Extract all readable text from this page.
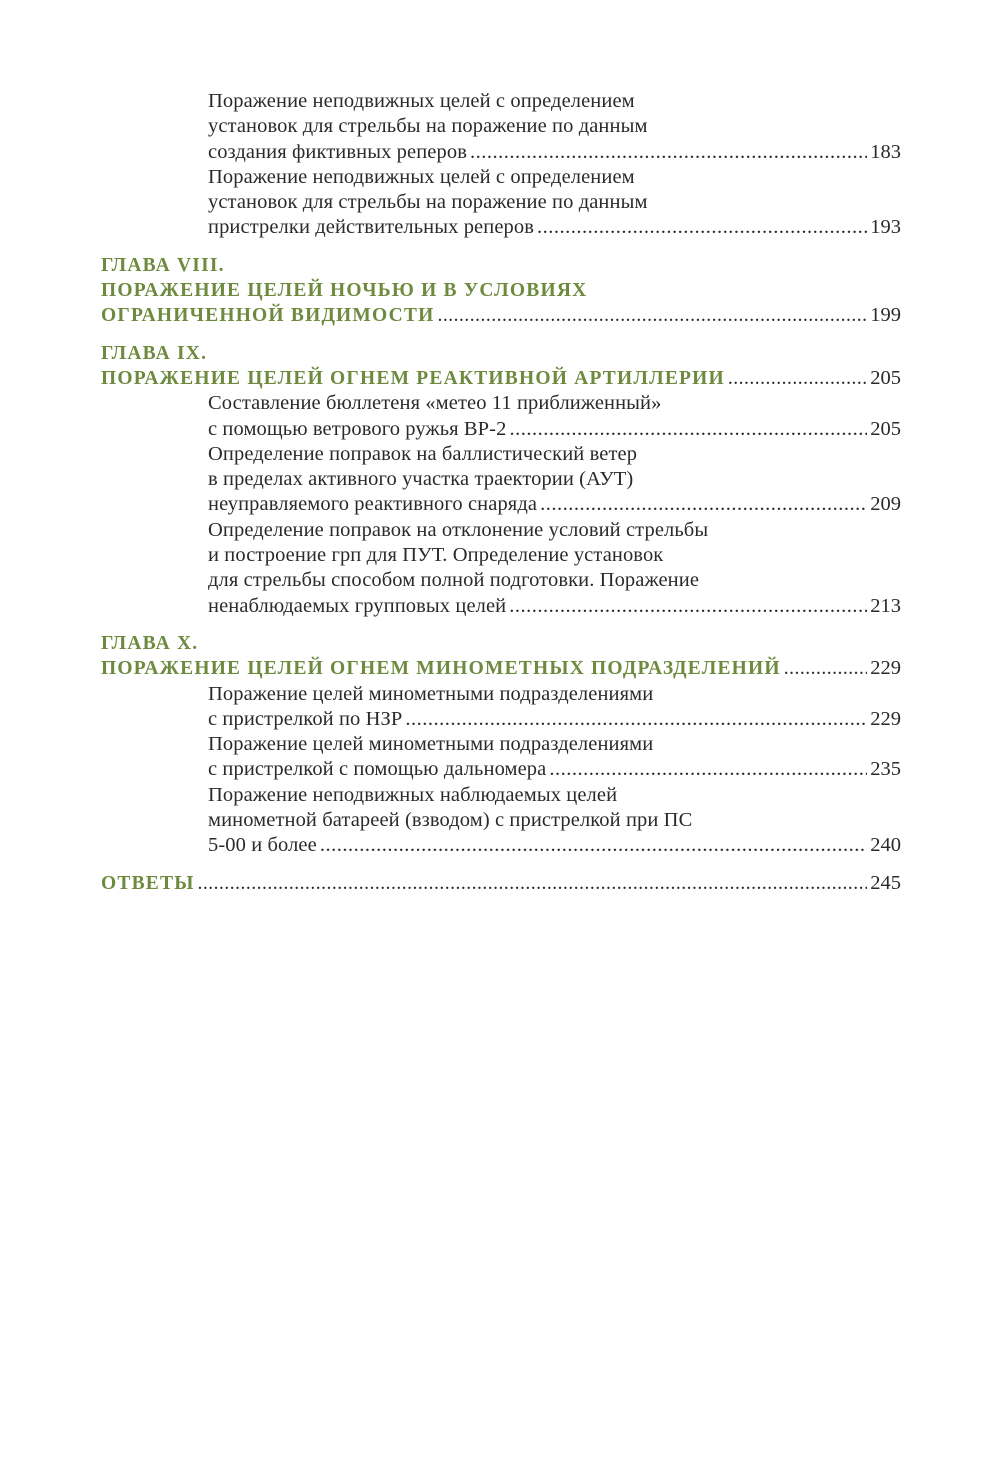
Поражение неподвижных целей с определением
установок для стрельбы на поражение по данным
создания фиктивных реперов .....	183
Поражение неподвижных целей с определением
установок для стрельбы на поражение по данным
пристрелки действительных реперов .....	193
ГЛАВА VIII.
ПОРАЖЕНИЕ ЦЕЛЕЙ НОЧЬЮ И В УСЛОВИЯХ
ОГРАНИЧЕННОЙ ВИДИМОСТИ .....	199
ГЛАВА IX.
ПОРАЖЕНИЕ ЦЕЛЕЙ ОГНЕМ РЕАКТИВНОЙ АРТИЛЛЕРИИ .....	205
Составление бюллетеня «метео 11 приближенный»
с помощью ветрового ружья ВР-2 .....	205
Определение поправок на баллистический ветер
в пределах активного участка траектории (АУТ)
неуправляемого реактивного снаряда .....	209
Определение поправок на отклонение условий стрельбы
и построение грп для ПУТ. Определение установок
для стрельбы способом полной подготовки. Поражение
ненаблюдаемых групповых целей .....	213
ГЛАВА X.
ПОРАЖЕНИЕ ЦЕЛЕЙ ОГНЕМ МИНОМЕТНЫХ ПОДРАЗДЕЛЕНИЙ .....	229
Поражение целей минометными подразделениями
с пристрелкой по НЗР .....	229
Поражение целей минометными подразделениями
с пристрелкой с помощью дальномера .....	235
Поражение неподвижных наблюдаемых целей
минометной батареей (взводом) с пристрелкой при ПС
5-00 и более .....	240
ОТВЕТЫ .....	245
